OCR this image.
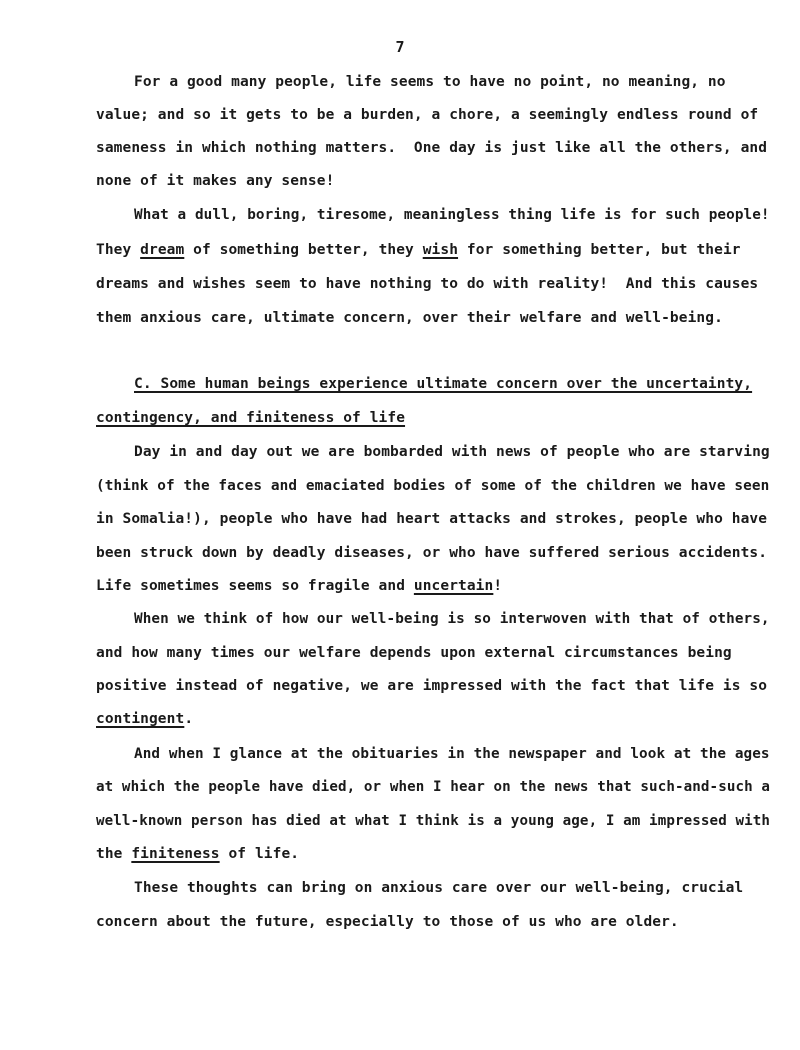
7
For a good many people, life seems to have no point, no meaning, no
value; and so it gets to be a burden, a chore, a seemingly endless round of
sameness in which nothing matters.  One day is just like all the others, and
none of it makes any sense!
What a dull, boring, tiresome, meaningless thing life is for such people!
They dream of something better, they wish for something better, but their
dreams and wishes seem to have nothing to do with reality!  And this causes
them anxious care, ultimate concern, over their welfare and well-being.
C. Some human beings experience ultimate concern over the uncertainty,
contingency, and finiteness of life
Day in and day out we are bombarded with news of people who are starving
(think of the faces and emaciated bodies of some of the children we have seen
in Somalia!), people who have had heart attacks and strokes, people who have
been struck down by deadly diseases, or who have suffered serious accidents.
Life sometimes seems so fragile and uncertain!
When we think of how our well-being is so interwoven with that of others,
and how many times our welfare depends upon external circumstances being
positive instead of negative, we are impressed with the fact that life is so
contingent.
And when I glance at the obituaries in the newspaper and look at the ages
at which the people have died, or when I hear on the news that such-and-such a
well-known person has died at what I think is a young age, I am impressed with
the finiteness of life.
These thoughts can bring on anxious care over our well-being, crucial
concern about the future, especially to those of us who are older.
